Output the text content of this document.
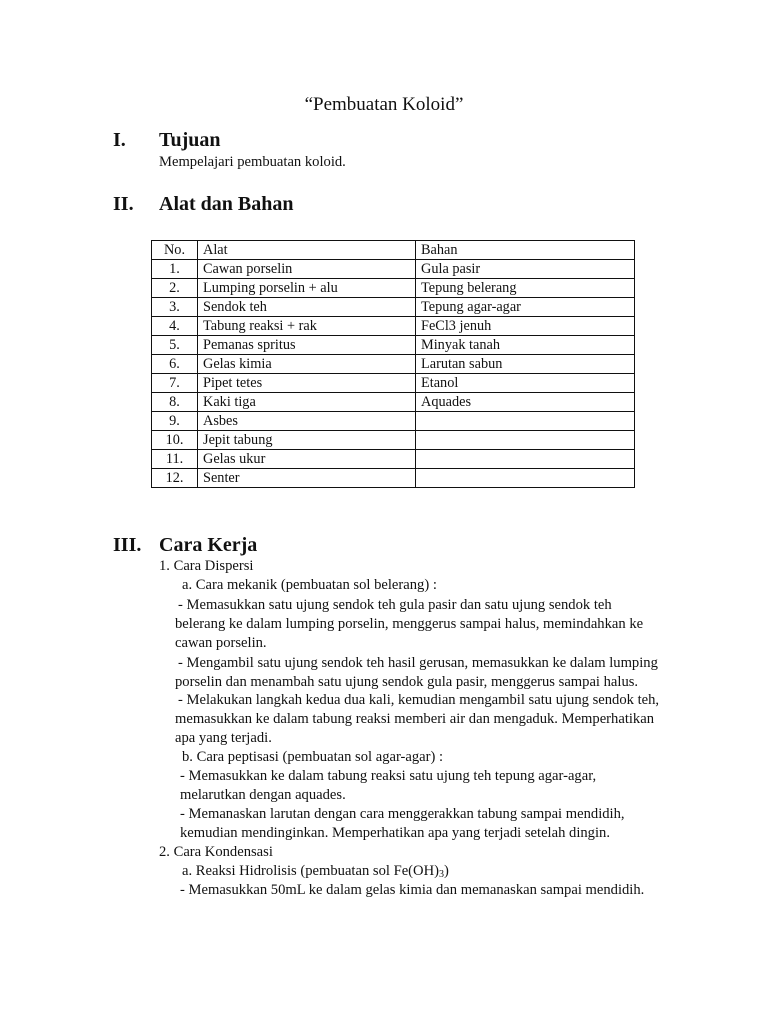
“Pembuatan Koloid”
I. Tujuan
Mempelajari pembuatan koloid.
II. Alat dan Bahan
No.	Alat	Bahan
1.	Cawan porselin	Gula pasir
2.	Lumping porselin + alu	Tepung belerang
3.	Sendok teh	Tepung agar-agar
4.	Tabung reaksi + rak	FeCl3 jenuh
5.	Pemanas spritus	Minyak tanah
6.	Gelas kimia	Larutan sabun
7.	Pipet tetes	Etanol
8.	Kaki tiga	Aquades
9.	Asbes	
10.	Jepit tabung	
11.	Gelas ukur	
12.	Senter	
III. Cara Kerja
1. Cara Dispersi
a. Cara mekanik (pembuatan sol belerang) :
- Memasukkan satu ujung sendok teh gula pasir dan satu ujung sendok teh
belerang ke dalam lumping porselin, menggerus sampai halus, memindahkan ke
cawan porselin.
- Mengambil satu ujung sendok teh hasil gerusan, memasukkan ke dalam lumping
porselin dan menambah satu ujung sendok gula pasir, menggerus sampai halus.
- Melakukan langkah kedua dua kali, kemudian mengambil satu ujung sendok teh,
memasukkan ke dalam tabung reaksi memberi air dan mengaduk. Memperhatikan
apa yang terjadi.
b. Cara peptisasi (pembuatan sol agar-agar) :
- Memasukkan ke dalam tabung reaksi satu ujung teh tepung agar-agar,
melarutkan dengan aquades.
- Memanaskan larutan dengan cara menggerakkan tabung sampai mendidih,
kemudian mendinginkan. Memperhatikan apa yang terjadi setelah dingin.
2. Cara Kondensasi
a. Reaksi Hidrolisis (pembuatan sol $Fe(OH)_3$)
- Memasukkan 50mL ke dalam gelas kimia dan memanaskan sampai mendidih.
